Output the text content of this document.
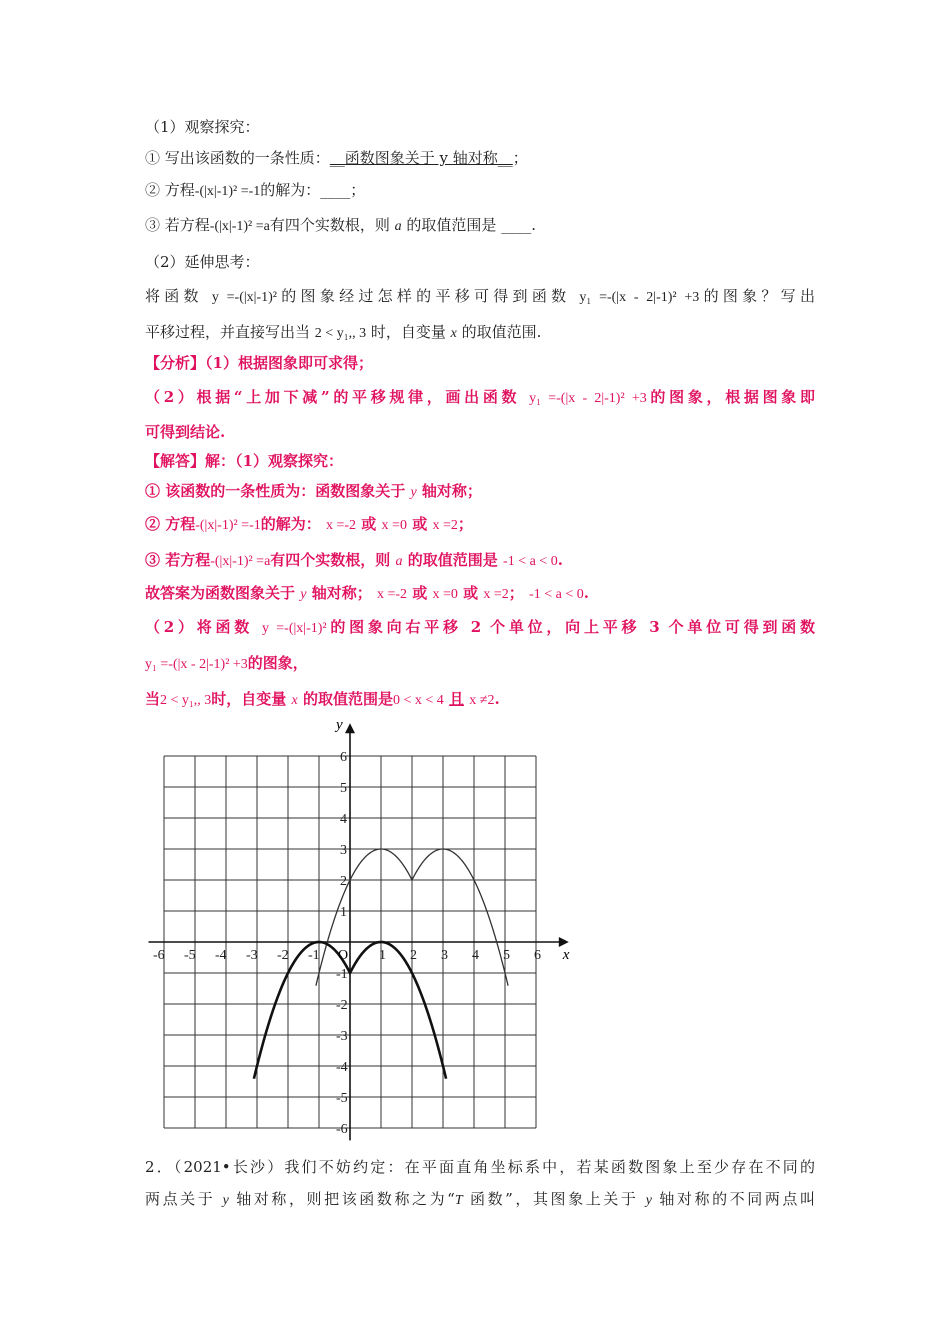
（1）观察探究：
① 写出该函数的一条性质：__函数图象关于 y 轴对称__；
② 方程-(|x|-1)² =-1的解为：____；
③ 若方程-(|x|-1)² =a有四个实数根，则 a 的取值范围是 ____.
（2）延伸思考：
将函数 y =-(|x|-1)²的图象经过怎样的平移可得到函数 y₁ =-(|x - 2|-1)² +3的图象？写出
平移过程，并直接写出当 2 < y₁,, 3 时，自变量 x 的取值范围.
【分析】（1）根据图象即可求得；
（2）根据“上加下减”的平移规律，画出函数 y₁ =-(|x - 2|-1)² +3的图象，根据图象即
可得到结论.
【解答】解：（1）观察探究：
① 该函数的一条性质为：函数图象关于 y 轴对称；
② 方程-(|x|-1)² =-1的解为： x =-2 或 x =0 或 x =2；
③ 若方程-(|x|-1)² =a有四个实数根，则 a 的取值范围是 -1 < a < 0.
故答案为函数图象关于 y 轴对称； x =-2 或 x =0 或 x =2； -1 < a < 0.
（2）将函数 y =-(|x|-1)²的图象向右平移 2 个单位，向上平移 3 个单位可得到函数
y₁ =-(|x - 2|-1)² +3的图象，
当2 < y₁,, 3时，自变量 x 的取值范围是0 < x < 4 且 x ≠2.
-6 -5 -4 -3 -2 -1	1 2 3 4 5 6
6
5
4
3
2
1
-1
-2
-3
-4
-5
-6
x
y
O
2．（2021•长沙）我们不妨约定：在平面直角坐标系中，若某函数图象上至少存在不同的
两点关于 y 轴对称，则把该函数称之为“T 函数”，其图象上关于 y 轴对称的不同两点叫
